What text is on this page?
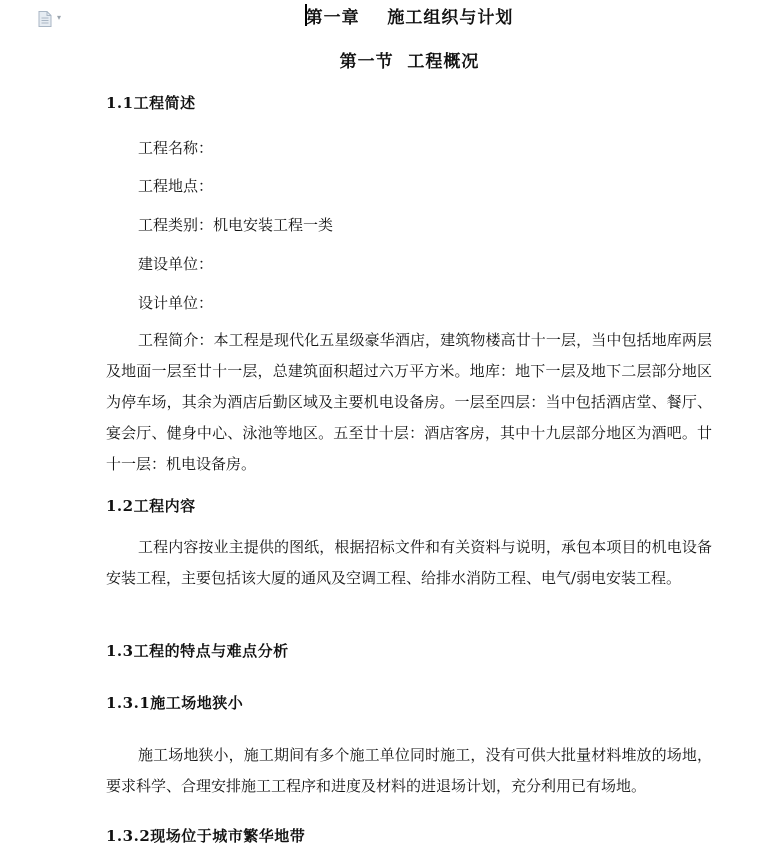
▾	第一章    施工组织与计划
第一节  工程概况
1.1工程简述
工程名称：
工程地点：
工程类别：机电安装工程一类
建设单位：
设计单位：
工程简介：本工程是现代化五星级豪华酒店，建筑物楼高廿十一层，当中包括地库两层及地面一层至廿十一层，总建筑面积超过六万平方米。地库：地下一层及地下二层部分地区为停车场，其余为酒店后勤区域及主要机电设备房。一层至四层：当中包括酒店堂、餐厅、宴会厅、健身中心、泳池等地区。五至廿十层：酒店客房，其中十九层部分地区为酒吧。廿十一层：机电设备房。
1.2工程内容
工程内容按业主提供的图纸，根据招标文件和有关资料与说明，承包本项目的机电设备安装工程，主要包括该大厦的通风及空调工程、给排水消防工程、电气/弱电安装工程。
1.3工程的特点与难点分析
1.3.1施工场地狭小
施工场地狭小，施工期间有多个施工单位同时施工，没有可供大批量材料堆放的场地，要求科学、合理安排施工工程序和进度及材料的进退场计划，充分利用已有场地。
1.3.2现场位于城市繁华地带
